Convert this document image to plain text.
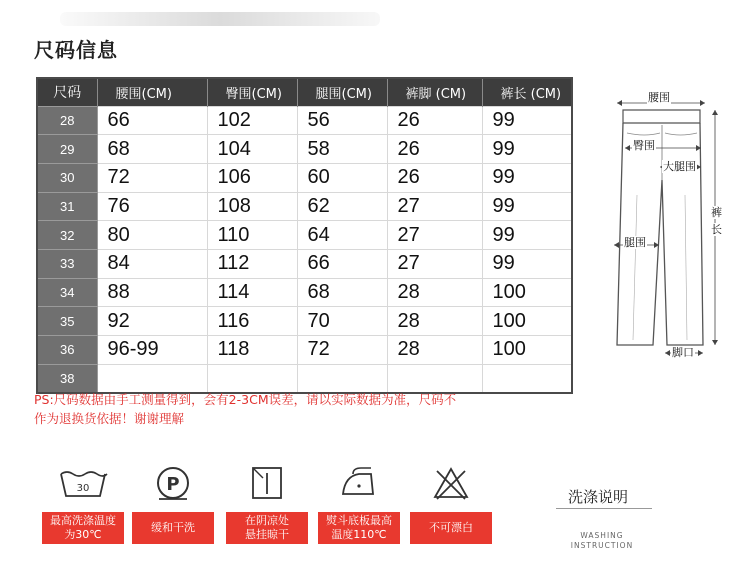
尺码信息
尺码	腰围(CM)	臀围(CM)	腿围(CM)	裤脚 (CM)	裤长 (CM)
28	66	102	56	26	99
29	68	104	58	26	99
30	72	106	60	26	99
31	76	108	62	27	99
32	80	110	64	27	99
33	84	112	66	27	99
34	88	114	68	28	100
35	92	116	70	28	100
36	96-99	118	72	28	100
38					
PS:尺码数据由手工测量得到，会有2-3CM误差，请以实际数据为准，尺码不
作为退换货依据！谢谢理解
腰围
臀围
大腿围
腿围
裤
长
脚口
30
最高洗涤温度
为30℃
P
缓和干洗
在阴凉处
悬挂晾干
熨斗底板最高
温度110℃
不可漂白
洗涤说明
WASHING
INSTRUCTION
